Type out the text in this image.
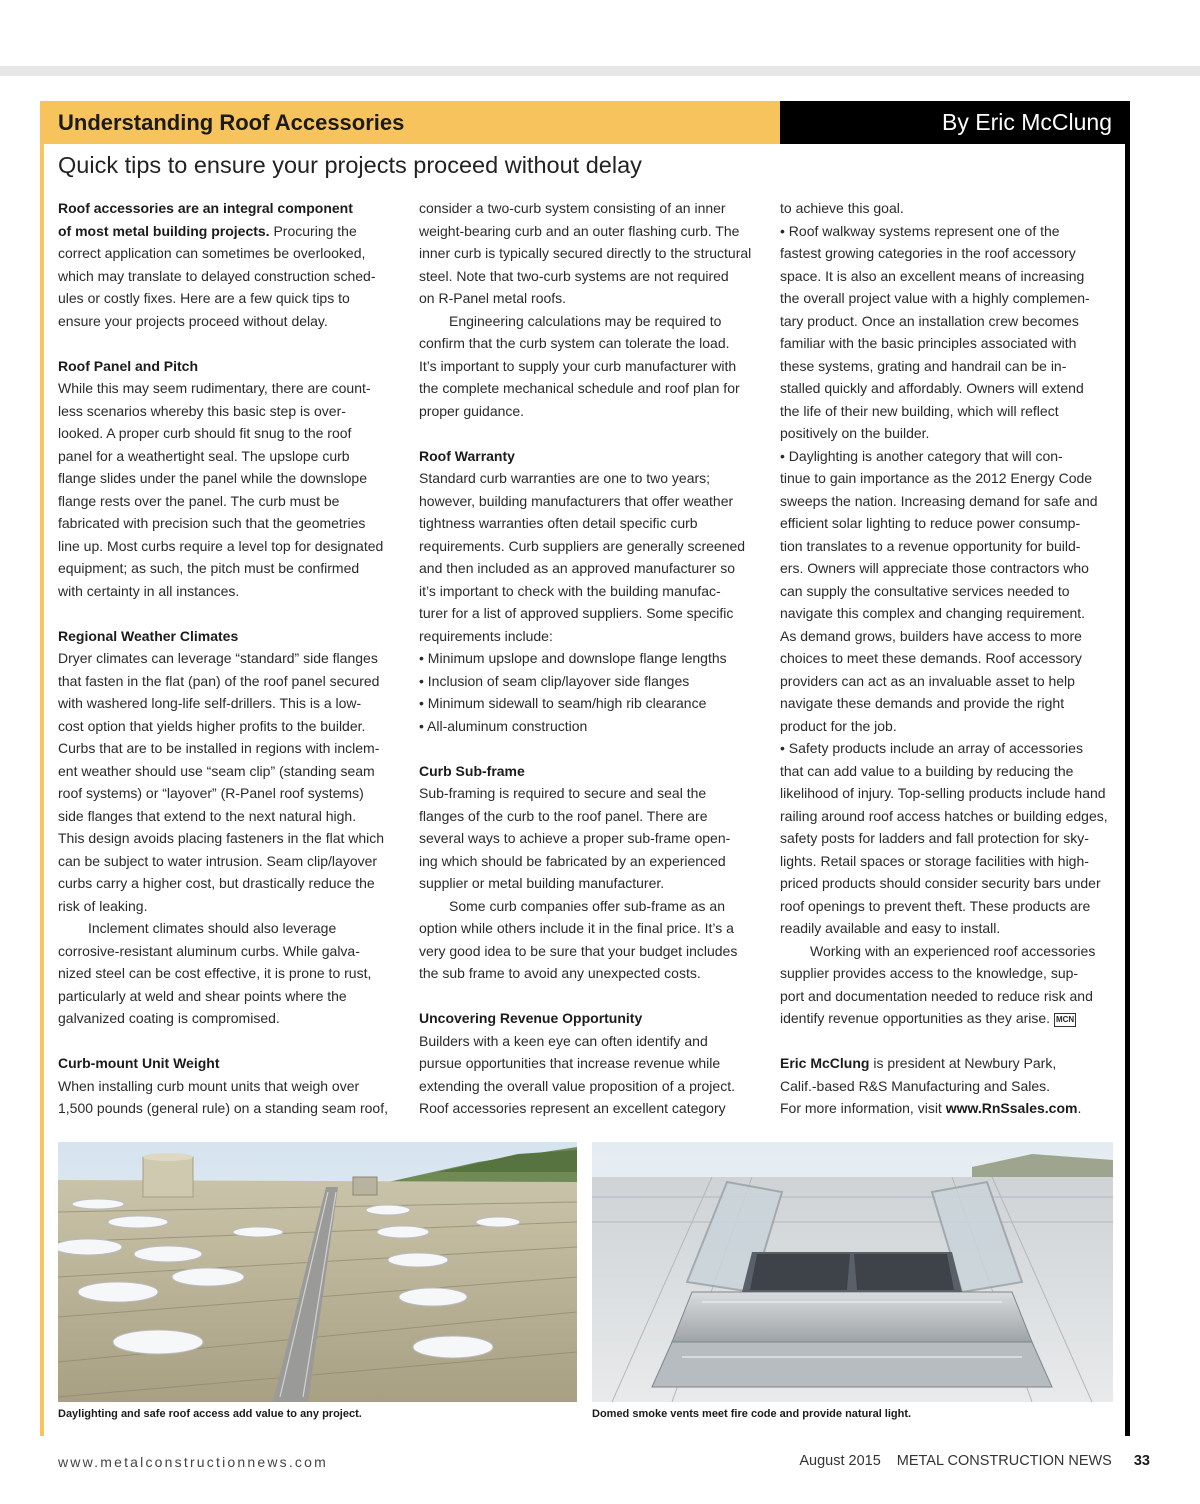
Understanding Roof Accessories	By Eric McClung
Quick tips to ensure your projects proceed without delay
Roof accessories are an integral component
of most metal building projects. Procuring the
correct application can sometimes be overlooked,
which may translate to delayed construction sched-
ules or costly fixes. Here are a few quick tips to
ensure your projects proceed without delay.
Roof Panel and Pitch
While this may seem rudimentary, there are count-
less scenarios whereby this basic step is over-
looked. A proper curb should fit snug to the roof
panel for a weathertight seal. The upslope curb
flange slides under the panel while the downslope
flange rests over the panel. The curb must be
fabricated with precision such that the geometries
line up. Most curbs require a level top for designated
equipment; as such, the pitch must be confirmed
with certainty in all instances.
Regional Weather Climates
Dryer climates can leverage “standard” side flanges
that fasten in the flat (pan) of the roof panel secured
with washered long-life self-drillers. This is a low-
cost option that yields higher profits to the builder.
Curbs that are to be installed in regions with inclem-
ent weather should use “seam clip” (standing seam
roof systems) or “layover” (R-Panel roof systems)
side flanges that extend to the next natural high.
This design avoids placing fasteners in the flat which
can be subject to water intrusion. Seam clip/layover
curbs carry a higher cost, but drastically reduce the
risk of leaking.
Inclement climates should also leverage
corrosive-resistant aluminum curbs. While galva-
nized steel can be cost effective, it is prone to rust,
particularly at weld and shear points where the
galvanized coating is compromised.
Curb-mount Unit Weight
When installing curb mount units that weigh over
1,500 pounds (general rule) on a standing seam roof,
consider a two-curb system consisting of an inner
weight-bearing curb and an outer flashing curb. The
inner curb is typically secured directly to the structural
steel. Note that two-curb systems are not required
on R-Panel metal roofs.
Engineering calculations may be required to
confirm that the curb system can tolerate the load.
It’s important to supply your curb manufacturer with
the complete mechanical schedule and roof plan for
proper guidance.
Roof Warranty
Standard curb warranties are one to two years;
however, building manufacturers that offer weather
tightness warranties often detail specific curb
requirements. Curb suppliers are generally screened
and then included as an approved manufacturer so
it’s important to check with the building manufac-
turer for a list of approved suppliers. Some specific
requirements include:
• Minimum upslope and downslope flange lengths
• Inclusion of seam clip/layover side flanges
• Minimum sidewall to seam/high rib clearance
• All-aluminum construction
Curb Sub-frame
Sub-framing is required to secure and seal the
flanges of the curb to the roof panel. There are
several ways to achieve a proper sub-frame open-
ing which should be fabricated by an experienced
supplier or metal building manufacturer.
Some curb companies offer sub-frame as an
option while others include it in the final price. It’s a
very good idea to be sure that your budget includes
the sub frame to avoid any unexpected costs.
Uncovering Revenue Opportunity
Builders with a keen eye can often identify and
pursue opportunities that increase revenue while
extending the overall value proposition of a project.
Roof accessories represent an excellent category
to achieve this goal.
• Roof walkway systems represent one of the
fastest growing categories in the roof accessory
space. It is also an excellent means of increasing
the overall project value with a highly complemen-
tary product. Once an installation crew becomes
familiar with the basic principles associated with
these systems, grating and handrail can be in-
stalled quickly and affordably. Owners will extend
the life of their new building, which will reflect
positively on the builder.
• Daylighting is another category that will con-
tinue to gain importance as the 2012 Energy Code
sweeps the nation. Increasing demand for safe and
efficient solar lighting to reduce power consump-
tion translates to a revenue opportunity for build-
ers. Owners will appreciate those contractors who
can supply the consultative services needed to
navigate this complex and changing requirement.
As demand grows, builders have access to more
choices to meet these demands. Roof accessory
providers can act as an invaluable asset to help
navigate these demands and provide the right
product for the job.
• Safety products include an array of accessories
that can add value to a building by reducing the
likelihood of injury. Top-selling products include hand
railing around roof access hatches or building edges,
safety posts for ladders and fall protection for sky-
lights. Retail spaces or storage facilities with high-
priced products should consider security bars under
roof openings to prevent theft. These products are
readily available and easy to install.
Working with an experienced roof accessories
supplier provides access to the knowledge, sup-
port and documentation needed to reduce risk and
identify revenue opportunities as they arise. MCN
Eric McClung is president at Newbury Park,
Calif.-based R&S Manufacturing and Sales.
For more information, visit www.RnSsales.com.
Daylighting and safe roof access add value to any project.	Domed smoke vents meet fire code and provide natural light.
www.metalconstructionnews.com	August 2015 METAL CONSTRUCTION NEWS 33
